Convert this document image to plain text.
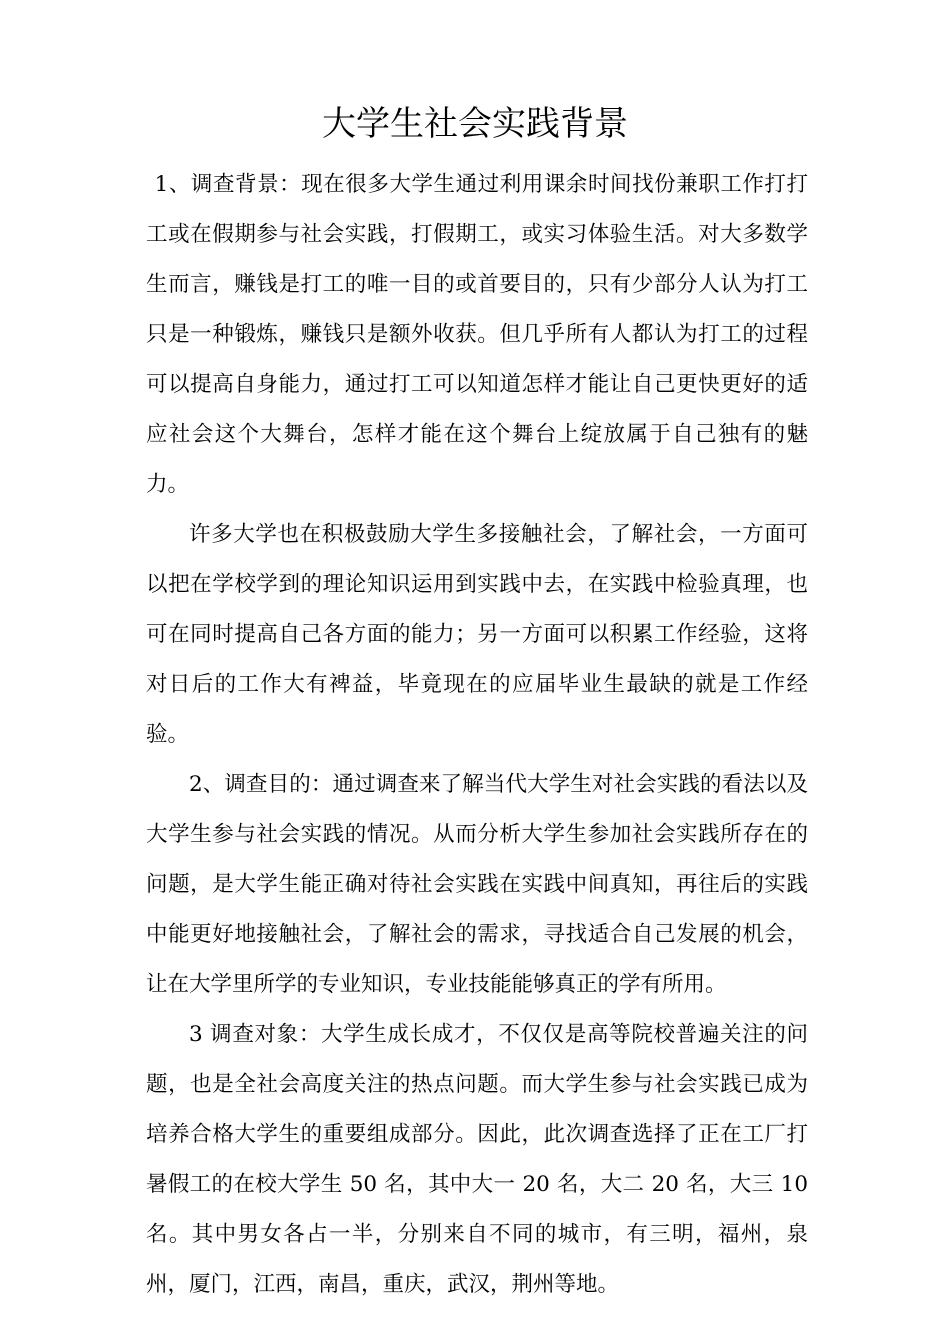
大学生社会实践背景

1、调查背景：现在很多大学生通过利用课余时间找份兼职工作打打工或在假期参与社会实践，打假期工，或实习体验生活。对大多数学生而言，赚钱是打工的唯一目的或首要目的，只有少部分人认为打工只是一种锻炼，赚钱只是额外收获。但几乎所有人都认为打工的过程可以提高自身能力，通过打工可以知道怎样才能让自己更快更好的适应社会这个大舞台，怎样才能在这个舞台上绽放属于自己独有的魅力。

许多大学也在积极鼓励大学生多接触社会，了解社会，一方面可以把在学校学到的理论知识运用到实践中去，在实践中检验真理，也可在同时提高自己各方面的能力；另一方面可以积累工作经验，这将对日后的工作大有裨益，毕竟现在的应届毕业生最缺的就是工作经验。

2、调查目的：通过调查来了解当代大学生对社会实践的看法以及大学生参与社会实践的情况。从而分析大学生参加社会实践所存在的问题，是大学生能正确对待社会实践在实践中间真知，再往后的实践中能更好地接触社会，了解社会的需求，寻找适合自己发展的机会，让在大学里所学的专业知识，专业技能能够真正的学有所用。

3 调查对象：大学生成长成才，不仅仅是高等院校普遍关注的问题，也是全社会高度关注的热点问题。而大学生参与社会实践已成为培养合格大学生的重要组成部分。因此，此次调查选择了正在工厂打暑假工的在校大学生 50 名，其中大一 20 名，大二 20 名，大三 10 名。其中男女各占一半，分别来自不同的城市，有三明，福州，泉州，厦门，江西，南昌，重庆，武汉，荆州等地。
